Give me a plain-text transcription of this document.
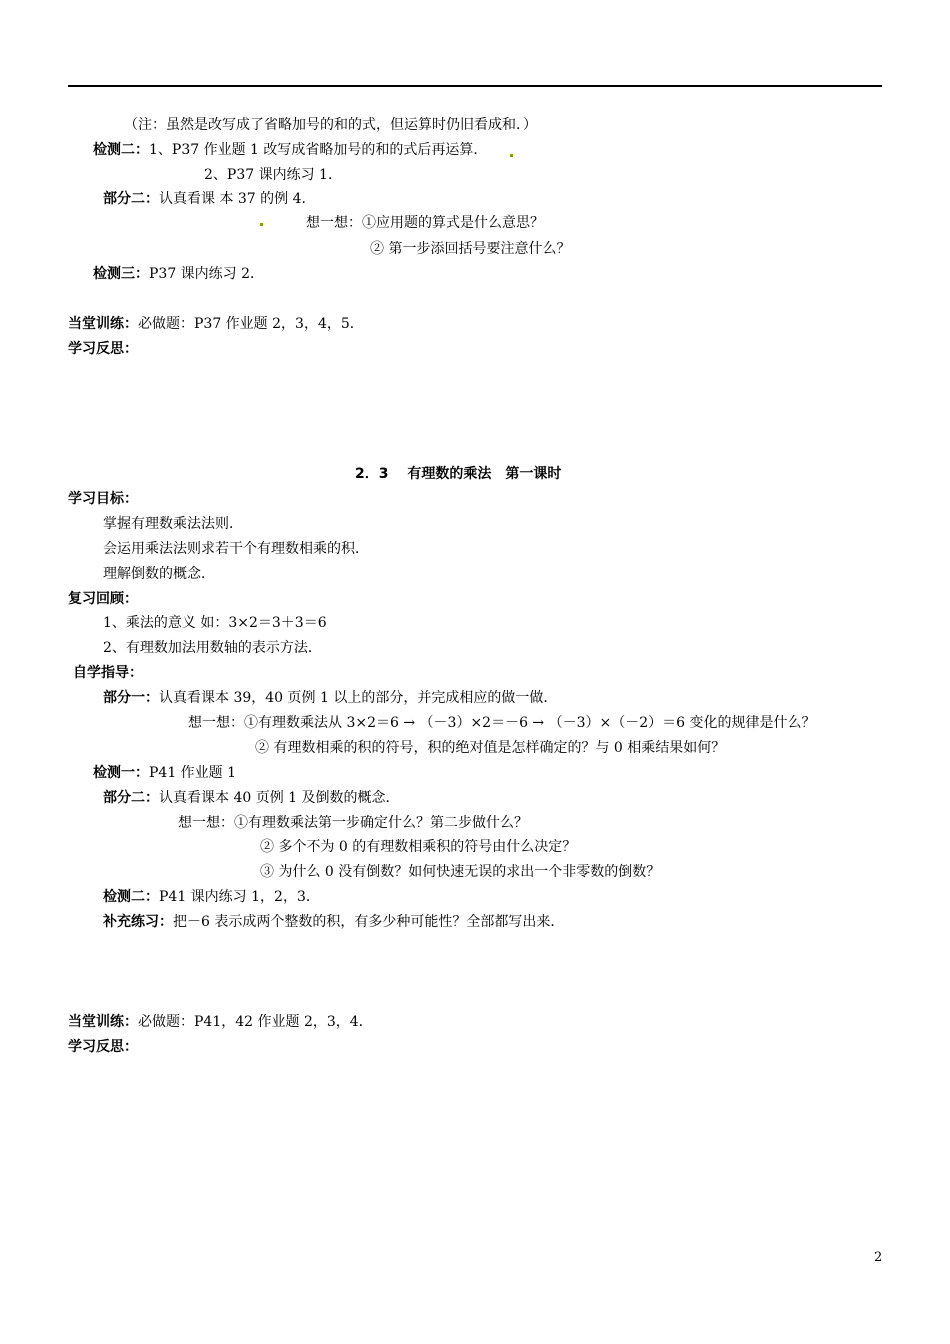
（注：虽然是改写成了省略加号的和的式，但运算时仍旧看成和．）
检测二：1、P37 作业题 1 改写成省略加号的和的式后再运算．
2、P37 课内练习 1．
部分二：认真看课 本 37 的例 4．
想一想：①应用题的算式是什么意思？
② 第一步添回括号要注意什么？
检测三：P37 课内练习 2．
当堂训练：必做题：P37 作业题 2，3，4，5．
学习反思：
2．3　 有理数的乘法　第一课时
学习目标：
掌握有理数乘法法则．
会运用乘法法则求若干个有理数相乘的积．
理解倒数的概念．
复习回顾：
1、乘法的意义 如：3×2＝3＋3＝6
2、有理数加法用数轴的表示方法．
自学指导：
部分一：认真看课本 39，40 页例 1 以上的部分，并完成相应的做一做．
想一想：①有理数乘法从 3×2＝6 → （－3）×2＝－6 → （－3）×（－2）＝6 变化的规律是什么？
② 有理数相乘的积的符号，积的绝对值是怎样确定的？与 0 相乘结果如何？
检测一：P41 作业题 1
部分二：认真看课本 40 页例 1 及倒数的概念．
想一想：①有理数乘法第一步确定什么？第二步做什么？
② 多个不为 0 的有理数相乘积的符号由什么决定？
③ 为什么 0 没有倒数？如何快速无误的求出一个非零数的倒数？
检测二：P41 课内练习 1，2，3．
补充练习：把－6 表示成两个整数的积，有多少种可能性？全部都写出来．
当堂训练：必做题：P41，42 作业题 2，3，4．
学习反思：
2
